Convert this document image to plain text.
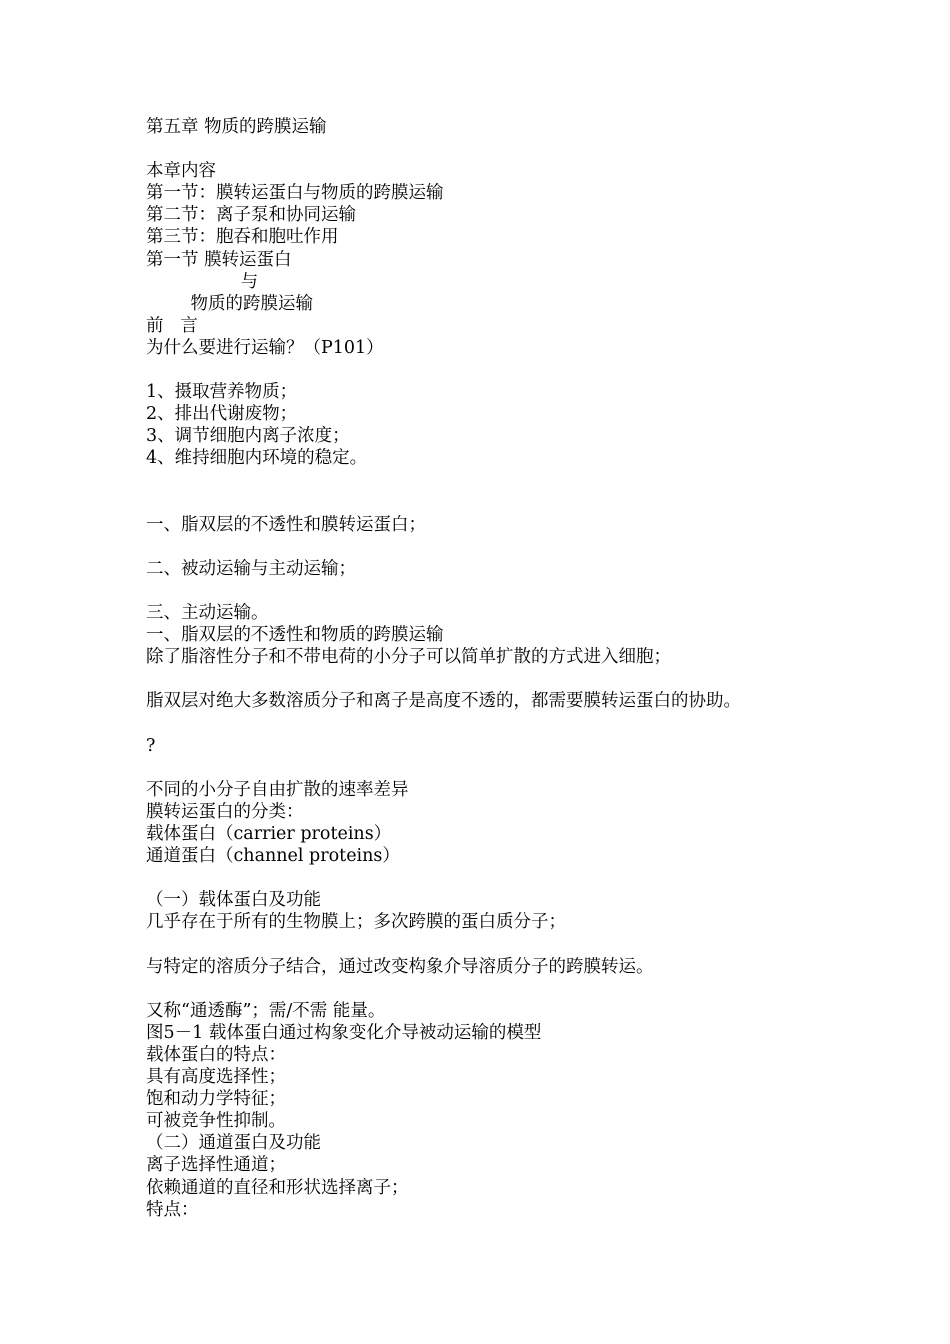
第五章 物质的跨膜运输
本章内容
第一节：膜转运蛋白与物质的跨膜运输
第二节：离子泵和协同运输
第三节：胞吞和胞吐作用
第一节 膜转运蛋白
与
物质的跨膜运输
前   言
为什么要进行运输？（P101）
1、摄取营养物质；
2、排出代谢废物；
3、调节细胞内离子浓度；
4、维持细胞内环境的稳定。
一、脂双层的不透性和膜转运蛋白；
二、被动运输与主动运输；
三、主动运输。
一、脂双层的不透性和物质的跨膜运输
除了脂溶性分子和不带电荷的小分子可以简单扩散的方式进入细胞；
脂双层对绝大多数溶质分子和离子是高度不透的，都需要膜转运蛋白的协助。
?
不同的小分子自由扩散的速率差异
膜转运蛋白的分类：
载体蛋白（carrier proteins）
通道蛋白（channel proteins）
（一）载体蛋白及功能
几乎存在于所有的生物膜上；多次跨膜的蛋白质分子；
与特定的溶质分子结合，通过改变构象介导溶质分子的跨膜转运。
又称“通透酶”；需/不需 能量。
图5－1 载体蛋白通过构象变化介导被动运输的模型
载体蛋白的特点：
具有高度选择性；
饱和动力学特征；
可被竞争性抑制。
（二）通道蛋白及功能
离子选择性通道；
依赖通道的直径和形状选择离子；
特点：
